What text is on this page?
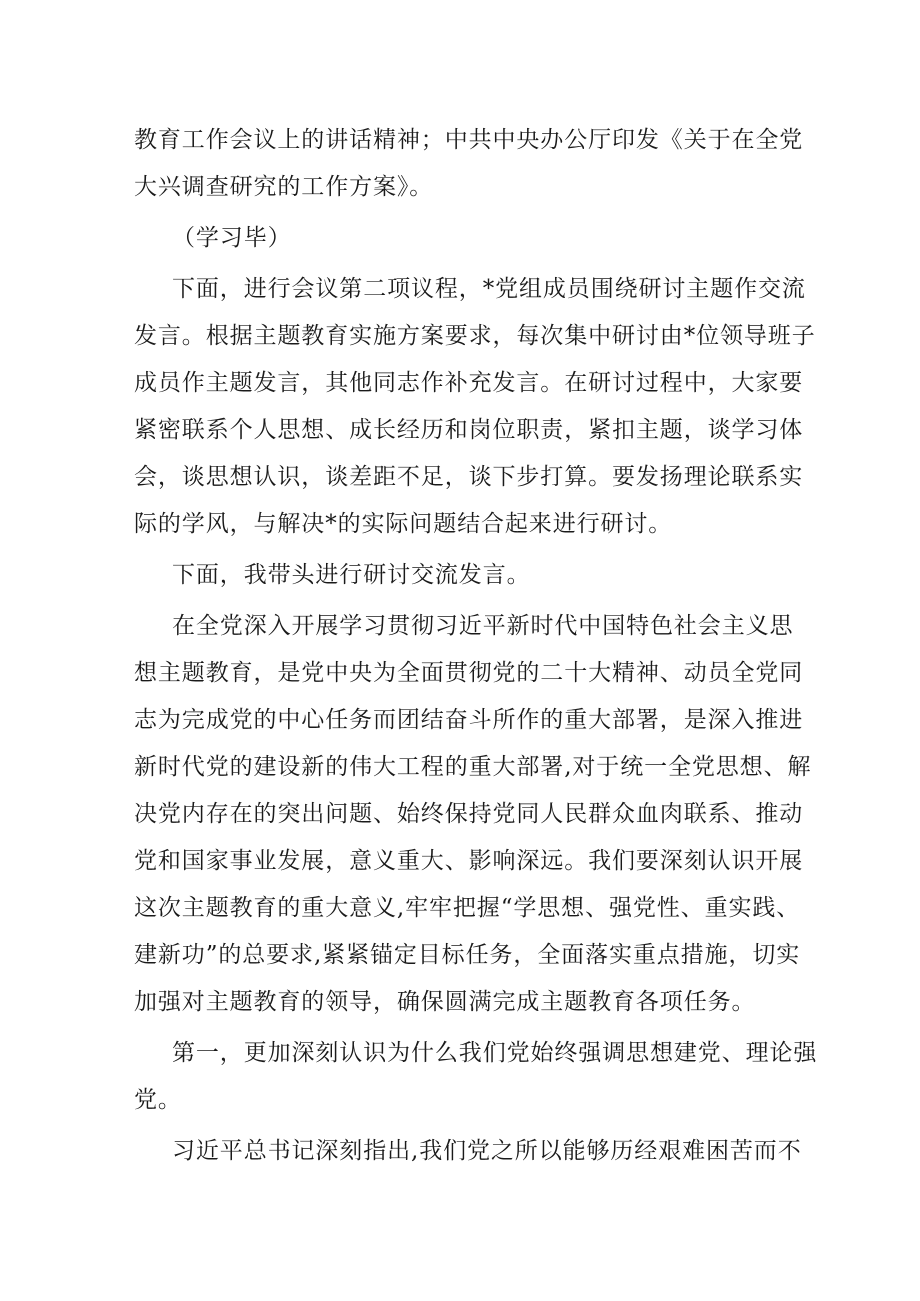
教育工作会议上的讲话精神；中共中央办公厅印发《关于在全党
大兴调查研究的工作方案》。
（学习毕）
下面，进行会议第二项议程，*党组成员围绕研讨主题作交流
发言。根据主题教育实施方案要求，每次集中研讨由*位领导班子
成员作主题发言，其他同志作补充发言。在研讨过程中，大家要
紧密联系个人思想、成长经历和岗位职责，紧扣主题，谈学习体
会，谈思想认识，谈差距不足，谈下步打算。要发扬理论联系实
际的学风，与解决*的实际问题结合起来进行研讨。
下面，我带头进行研讨交流发言。
在全党深入开展学习贯彻习近平新时代中国特色社会主义思
想主题教育，是党中央为全面贯彻党的二十大精神、动员全党同
志为完成党的中心任务而团结奋斗所作的重大部署，是深入推进
新时代党的建设新的伟大工程的重大部署,对于统一全党思想、解
决党内存在的突出问题、始终保持党同人民群众血肉联系、推动
党和国家事业发展，意义重大、影响深远。我们要深刻认识开展
这次主题教育的重大意义,牢牢把握“学思想、强党性、重实践、
建新功”的总要求,紧紧锚定目标任务，全面落实重点措施，切实
加强对主题教育的领导，确保圆满完成主题教育各项任务。
第一，更加深刻认识为什么我们党始终强调思想建党、理论强
党。
习近平总书记深刻指出,我们党之所以能够历经艰难困苦而不
